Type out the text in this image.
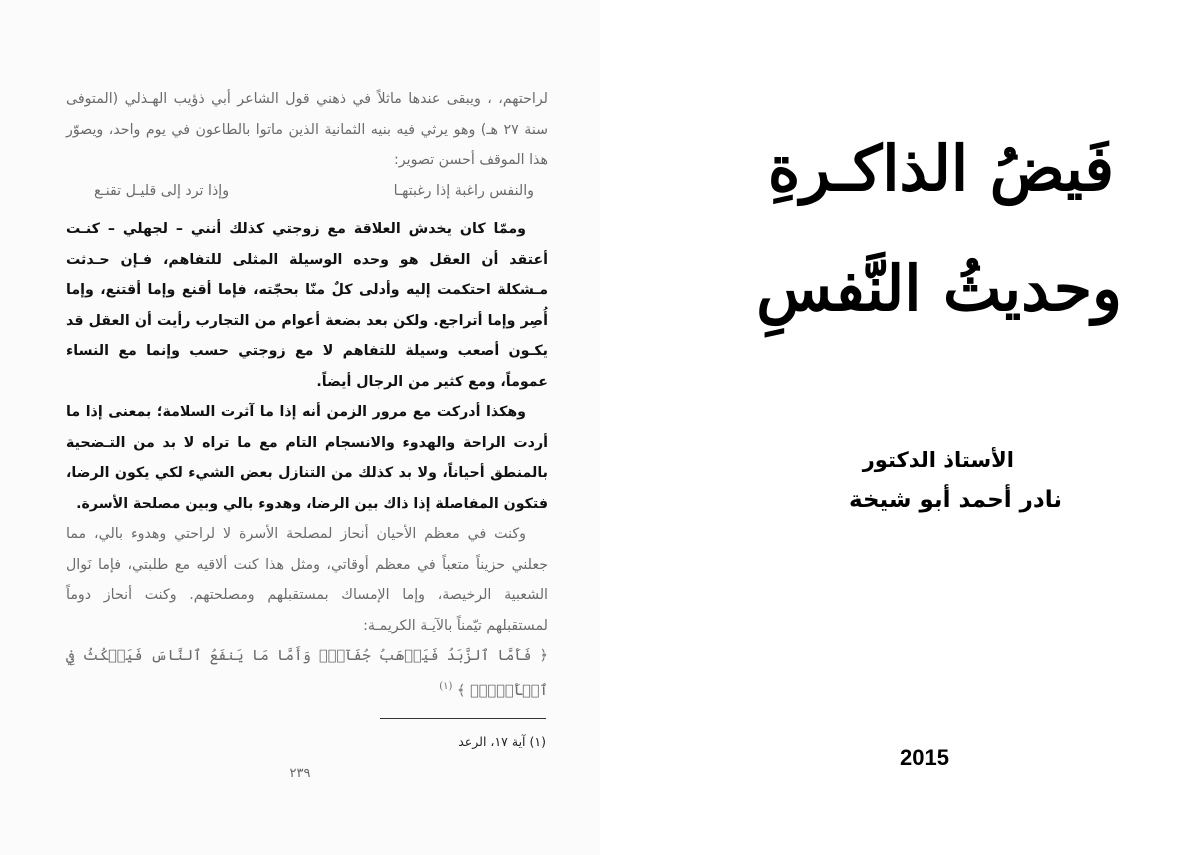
لراحتهم، ، ويبقى عندها ماثلاً في ذهني قول الشاعر أبي ذؤيب الهـذلي (المتوفى سنة ٢٧ هـ) وهو يرثي فيه بنيه الثمانية الذين ماتوا بالطاعون في يوم واحد، ويصوّر هذا الموقف أحسن تصوير:

والنفس راغبة إذا رغبتهـا
وإذا ترد إلى قليـل تقنـع

وممّا كان يخدش العلاقة مع زوجتي كذلك أنني – لجهلي – كنـت أعتقد أن العقل هو وحده الوسيلة المثلى للتفاهم، فـإن حـدثت مـشكلة احتكمت إليه وأدلى كلٌ منّا بحجّته، فإما أقنع وإما أقتنع، وإما أُصِر وإما أتراجع. ولكن بعد بضعة أعوام من التجارب رأيت أن العقل قد يكـون أصعب وسيلة للتفاهم لا مع زوجتي حسب وإنما مع النساء عموماً، ومع كثير من الرجال أيضاً.

وهكذا أدركت مع مرور الزمن أنه إذا ما آثرت السلامة؛ بمعنى إذا ما أردت الراحة والهدوء والانسجام التام مع ما تراه لا بد من التـضحية بالمنطق أحياناً، ولا بد كذلك من التنازل بعض الشيء لكي يكون الرضا، فتكون المفاصلة إذا ذاك بين الرضا، وهدوء بالي وبين مصلحة الأسرة.

وكنت في معظم الأحيان أنحاز لمصلحة الأسرة لا لراحتي وهدوء بالي، مما جعلني حزيناً متعباً في معظم أوقاتي، ومثل هذا كنت ألاقيه مع طلبتي، فإما نَوال الشعبية الرخيصة، وإما الإمساك بمستقبلهم ومصلحتهم. وكنت أنحاز دوماً لمستقبلهم تيّمناً بالآيـة الكريمـة:

﴿ فَأَمَّا ٱلزَّبَدُ فَيَذۡهَبُ جُفَآءٗۖ وَأَمَّا مَا يَنفَعُ ٱلنَّاسَ فَيَمۡكُثُ فِي ٱلۡأَرۡضِۚ ﴾ $^{(١)}$

(١) آية ١٧، الرعد
٢٣٩
فَيضُ الذاكـرةِ
وحديثُ النَّفسِ
الأستاذ الدكتور
نادر أحمد أبو شيخة
2015
